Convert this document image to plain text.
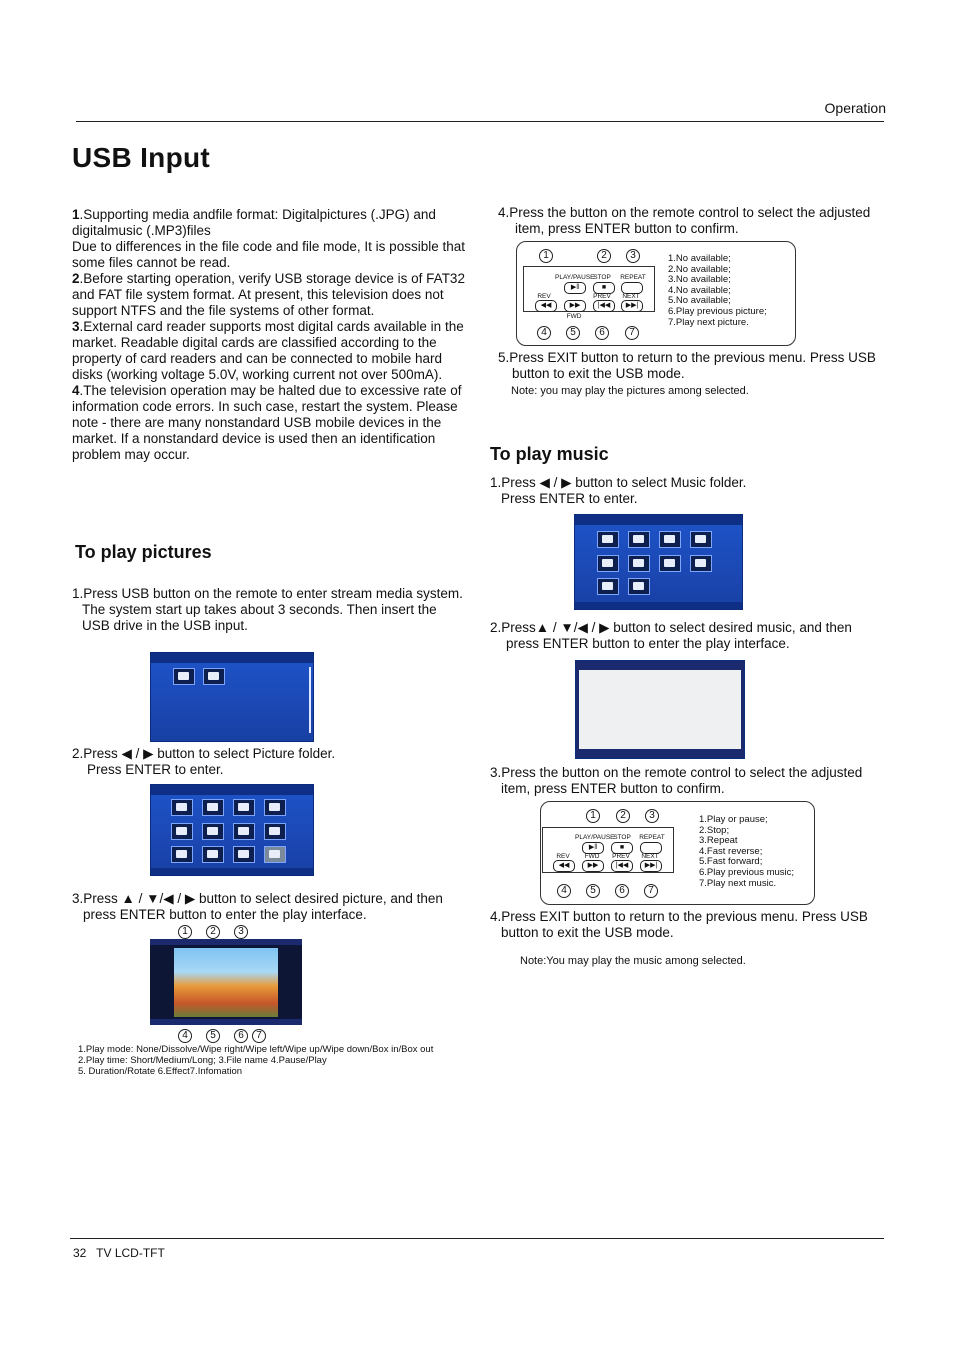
Operation
USB Input

1.Supporting media andfile format: Digitalpictures (.JPG) and digitalmusic (.MP3)files

Due to differences in the file code and file mode, It is possible that some files cannot be read.

2.Before starting operation, verify USB storage device is of FAT32 and FAT file system format. At present, this television does not support NTFS and the file systems of other format.

3.External card reader supports most digital cards available in the market. Readable digital cards are classified according to the property of card readers and can be connected to mobile hard disks (working voltage 5.0V, working current not over 500mA).

4.The television operation may be halted due to excessive rate of information code errors. In such case, restart the system. Please note - there are many nonstandard USB mobile devices in the market. If a nonstandard device is used then an identification problem may occur.

To play pictures
1.Press USB button on the remote to enter stream media system.
The system start up takes about 3 seconds. Then insert the USB drive in the USB input.
2.Press ◀ / ▶ button to select Picture folder.
Press ENTER to enter.
3.Press ▲ / ▼/◀ / ▶ button to select desired picture, and then press ENTER button to enter the play interface.
1	2	3
4	5	6	7
1.Play mode: None/Dissolve/Wipe right/Wipe left/Wipe up/Wipe down/Box in/Box out
2.Play time: Short/Medium/Long; 3.File name 4.Pause/Play
5. Duration/Rotate 6.Effect7.Infomation
4.Press the button on the remote control to select the adjusted item, press ENTER button to confirm.
1	2	3
PLAY/PAUSE
STOP	REPEAT
▶‖	■
◀◀	▶▶	|◀◀	▶▶|
REV
FWD
PREV	NEXT
4	5	6	7
1.No available;
2.No available;
3.No available;
4.No available;
5.No available;
6.Play previous picture;
7.Play next picture.
5.Press EXIT button to return to the previous menu. Press USB button to exit the USB mode.
Note: you may play the pictures among selected.
To play music
1.Press ◀ / ▶ button to select Music folder.
Press ENTER to enter.
2.Press▲ / ▼/◀ / ▶ button to select desired music, and then press ENTER button to enter the play interface.
3.Press the button on the remote control to select the adjusted item, press ENTER button to confirm.
1	2	3
PLAY/PAUSE
STOP	REPEAT
▶‖	■
REV	FWD	PREV	NEXT
◀◀	▶▶	|◀◀	▶▶|
4	5	6	7
1.Play or pause;
2.Stop;
3.Repeat
4.Fast reverse;
5.Fast forward;
6.Play previous music;
7.Play next music.
4.Press EXIT button to return to the previous menu. Press USB button to exit the USB mode.
Note:You may play the music among selected.
32 TV LCD-TFT
